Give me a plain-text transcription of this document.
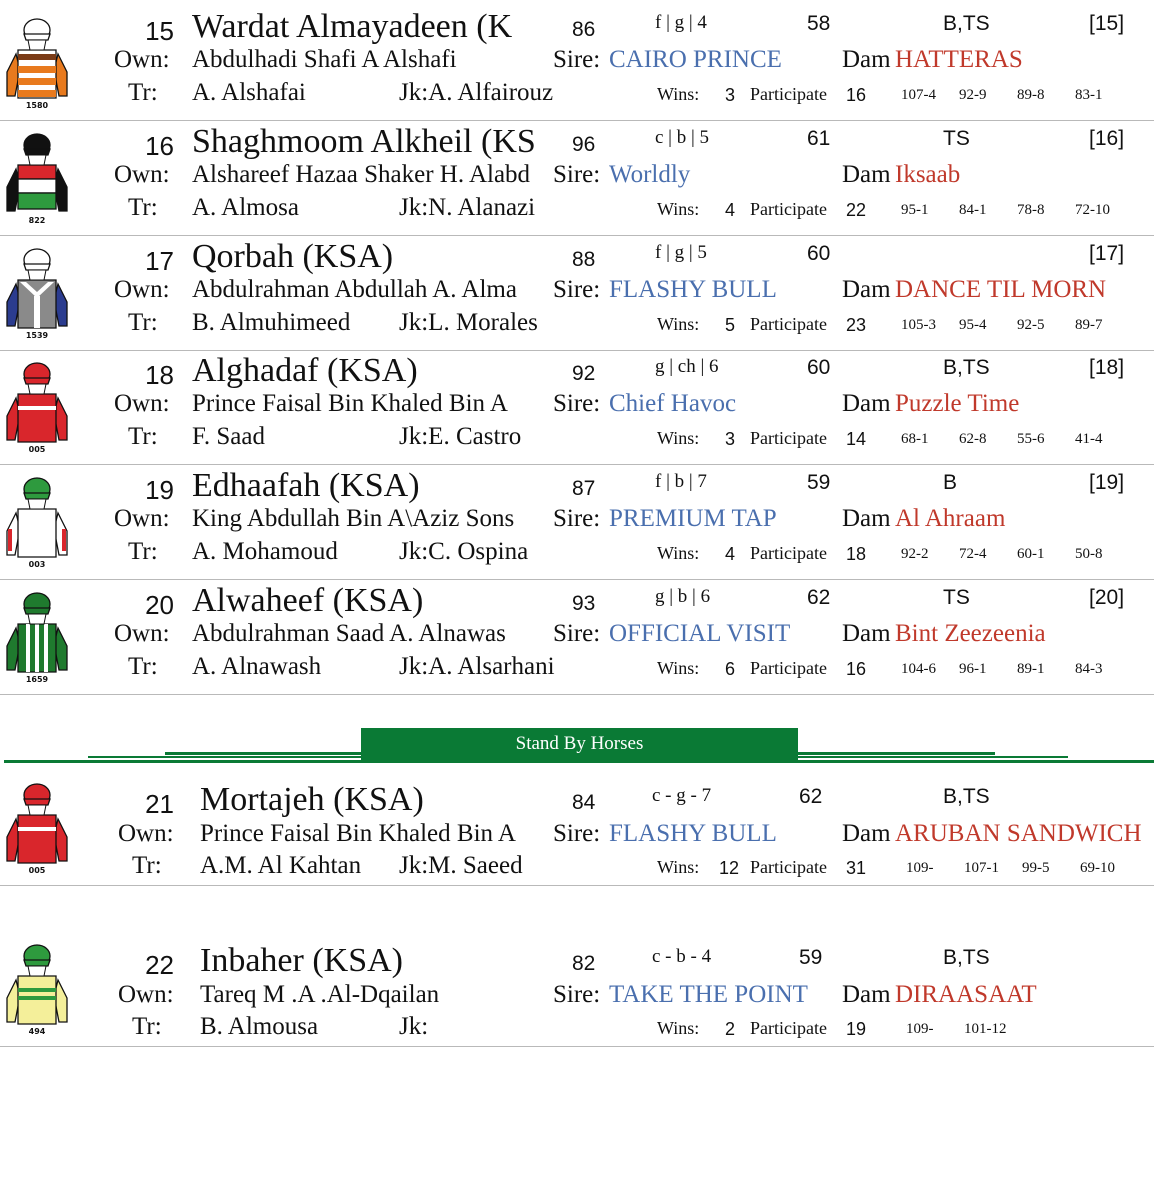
1580
15 Wardat Almayadeen (K	86	f | g | 4	58	B,TS	[15]
Own: Abdulhadi Shafi A Alshafi	Sire: CAIRO PRINCE Dam HATTERAS
Tr: A. Alshafai	Jk:A. Alfairouz	Wins: 3 Participate	16 107-4 92-9 89-8 83-1
822
16 Shaghmoom Alkheil (KS	96	c | b | 5	61	TS	[16]
Own: Alshareef Hazaa Shaker H. Alabd Sire: Worldly	Dam Iksaab
Tr: A. Almosa	Jk:N. Alanazi	Wins: 4 Participate	22 95-1 84-1 78-8 72-10
1539
17 Qorbah (KSA)	88	f | g | 5	60	[17]
Own: Abdulrahman Abdullah A. Alma	Sire: FLASHY BULL	Dam DANCE TIL MORN
Tr: B. Almuhimeed Jk:L. Morales	Wins: 5 Participate	23 105-3 95-4 92-5 89-7
005
18 Alghadaf (KSA)	92	g | ch | 6	60	B,TS	[18]
Own: Prince Faisal Bin Khaled Bin A	Sire: Chief Havoc	Dam Puzzle Time
Tr: F. Saad	Jk:E. Castro	Wins: 3 Participate	14 68-1 62-8 55-6 41-4
003
19 Edhaafah (KSA)	87	f | b | 7	59	B	[19]
Own: King Abdullah Bin A\Aziz Sons	Sire: PREMIUM TAP	Dam Al Ahraam
Tr: A. Mohamoud Jk:C. Ospina	Wins: 4 Participate	18 92-2 72-4 60-1 50-8
1659
20 Alwaheef (KSA)	93	g | b | 6	62	TS	[20]
Own: Abdulrahman Saad A. Alnawas	Sire: OFFICIAL VISIT Dam Bint Zeezeenia
Tr: A. Alnawash	Jk:A. Alsarhani	Wins: 6 Participate	16 104-6 96-1 89-1 84-3
Stand By Horses
005
21 Mortajeh (KSA)	84	c - g - 7	62	B,TS
Own: Prince Faisal Bin Khaled Bin A	Sire: FLASHY BULL	Dam ARUBAN SANDWICH
Tr: A.M. Al Kahtan Jk:M. Saeed	Wins: 12 Participate	31	109- 107-1 99-5 69-10
494
22 Inbaher (KSA)	82	c - b - 4	59	B,TS
Own: Tareq M .A .Al-Dqailan	Sire: TAKE THE POINT Dam DIRAASAAT
Tr: B. Almousa	Jk:	Wins: 2 Participate	19	109- 101-12
